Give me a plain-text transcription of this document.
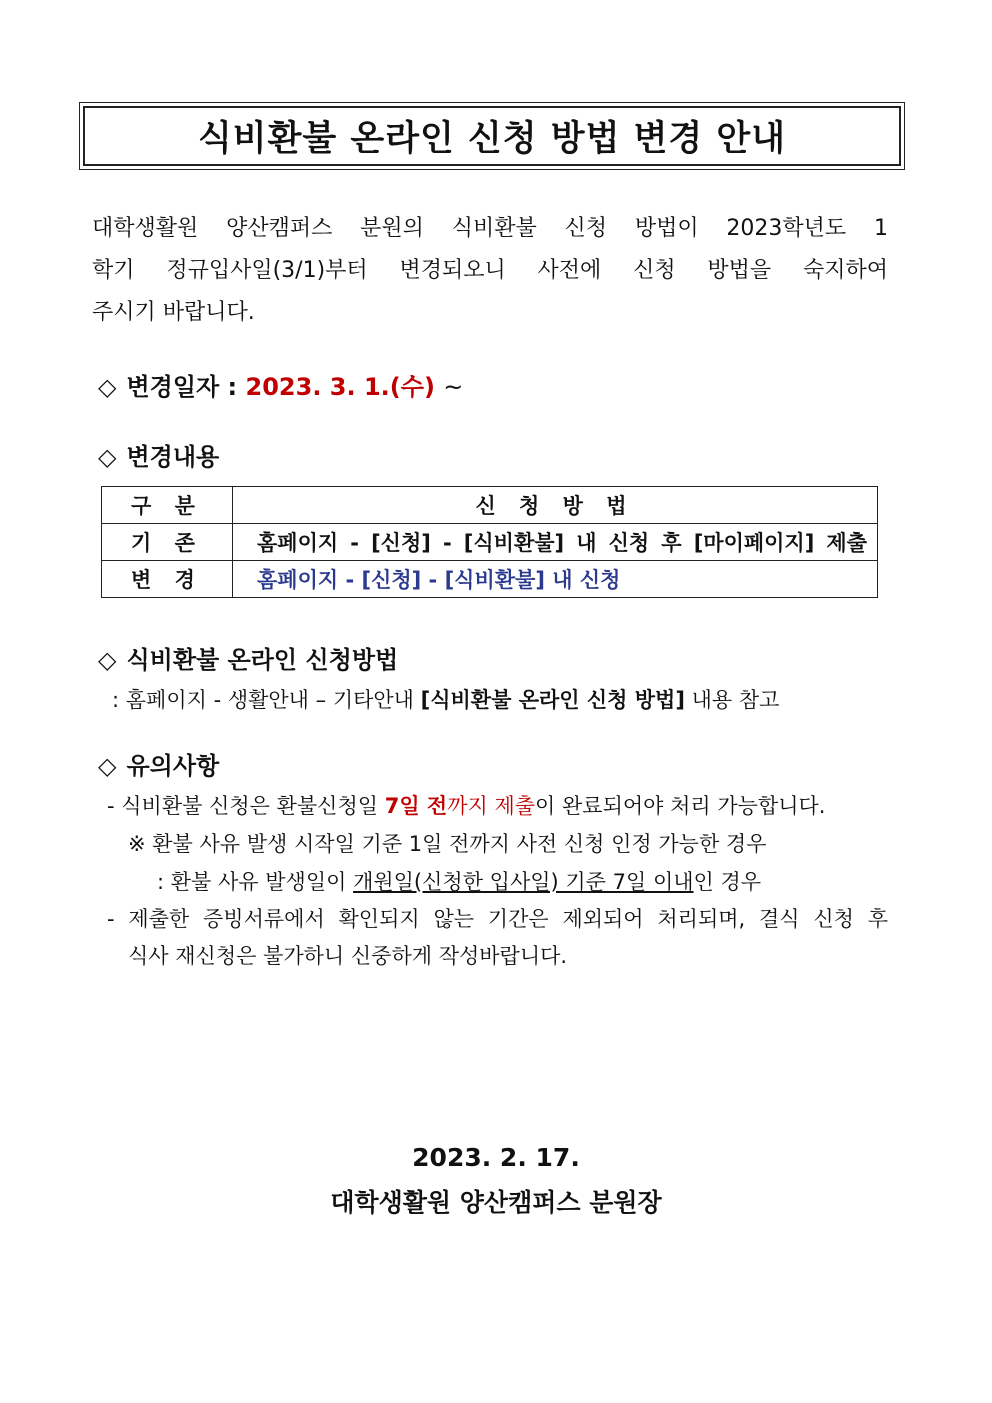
식비환불 온라인 신청 방법 변경 안내
대학생활원 양산캠퍼스 분원의 식비환불 신청 방법이 2023학년도 1
학기 정규입사일(3/1)부터 변경되오니 사전에 신청 방법을 숙지하여
주시기 바랍니다.
◇ 변경일자 : 2023. 3. 1.(수) ~
◇ 변경내용
구 분	신 청 방 법
기 존	홈페이지 - [신청] - [식비환불] 내 신청 후 [마이페이지] 제출
변 경	홈페이지 - [신청] - [식비환불] 내 신청
◇ 식비환불 온라인 신청방법
: 홈페이지 - 생활안내 – 기타안내 [식비환불 온라인 신청 방법] 내용 참고
◇ 유의사항
- 식비환불 신청은 환불신청일 7일 전까지 제출이 완료되어야 처리 가능합니다.
※ 환불 사유 발생 시작일 기준 1일 전까지 사전 신청 인정 가능한 경우
: 환불 사유 발생일이 개원일(신청한 입사일) 기준 7일 이내인 경우
- 제출한 증빙서류에서 확인되지 않는 기간은 제외되어 처리되며, 결식 신청 후
식사 재신청은 불가하니 신중하게 작성바랍니다.
2023. 2. 17.
대학생활원 양산캠퍼스 분원장
